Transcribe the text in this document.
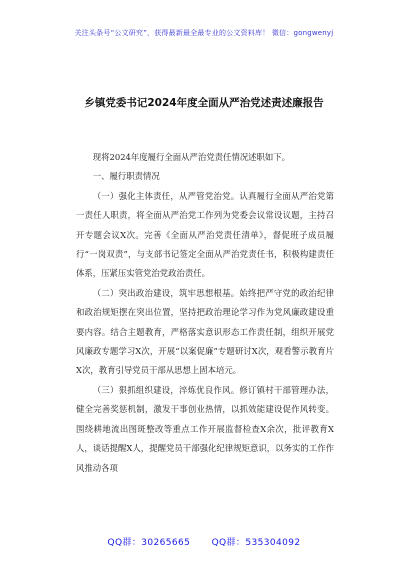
关注头条号“公文研究”，获得最新最全最专业的公文资料库！ 微信：gongwenyj
乡镇党委书记2024年度全面从严治党述责述廉报告

现将2024年度履行全面从严治党责任情况述职如下。

一、履行职责情况

（一）强化主体责任，从严管党治党。认真履行全面从严治党第一责任人职责，将全面从严治党工作列为党委会议常设议题，主持召开专题会议X次。完善《全面从严治党责任清单》，督促班子成员履行“一岗双责”，与支部书记签定全面从严治党责任书，积极构建责任体系，压紧压实管党治党政治责任。

（二）突出政治建设，筑牢思想根基。始终把严守党的政治纪律和政治规矩摆在突出位置，坚持把政治理论学习作为党风廉政建设重要内容。结合主题教育，严格落实意识形态工作责任制，组织开展党风廉政专题学习X次，开展“以案促廉”专题研讨X次，观看警示教育片X次，教育引导党员干部从思想上固本培元。

（三）狠抓组织建设，淬炼优良作风。修订镇村干部管理办法，健全完善奖惩机制，激发干事创业热情，以抓效能建设促作风转变。围绕耕地流出图斑整改等重点工作开展监督检查X余次，批评教育X人，谈话提醒X人，提醒党员干部强化纪律规矩意识，以务实的工作作风推动各项

QQ群：30265665 QQ群：535304092
